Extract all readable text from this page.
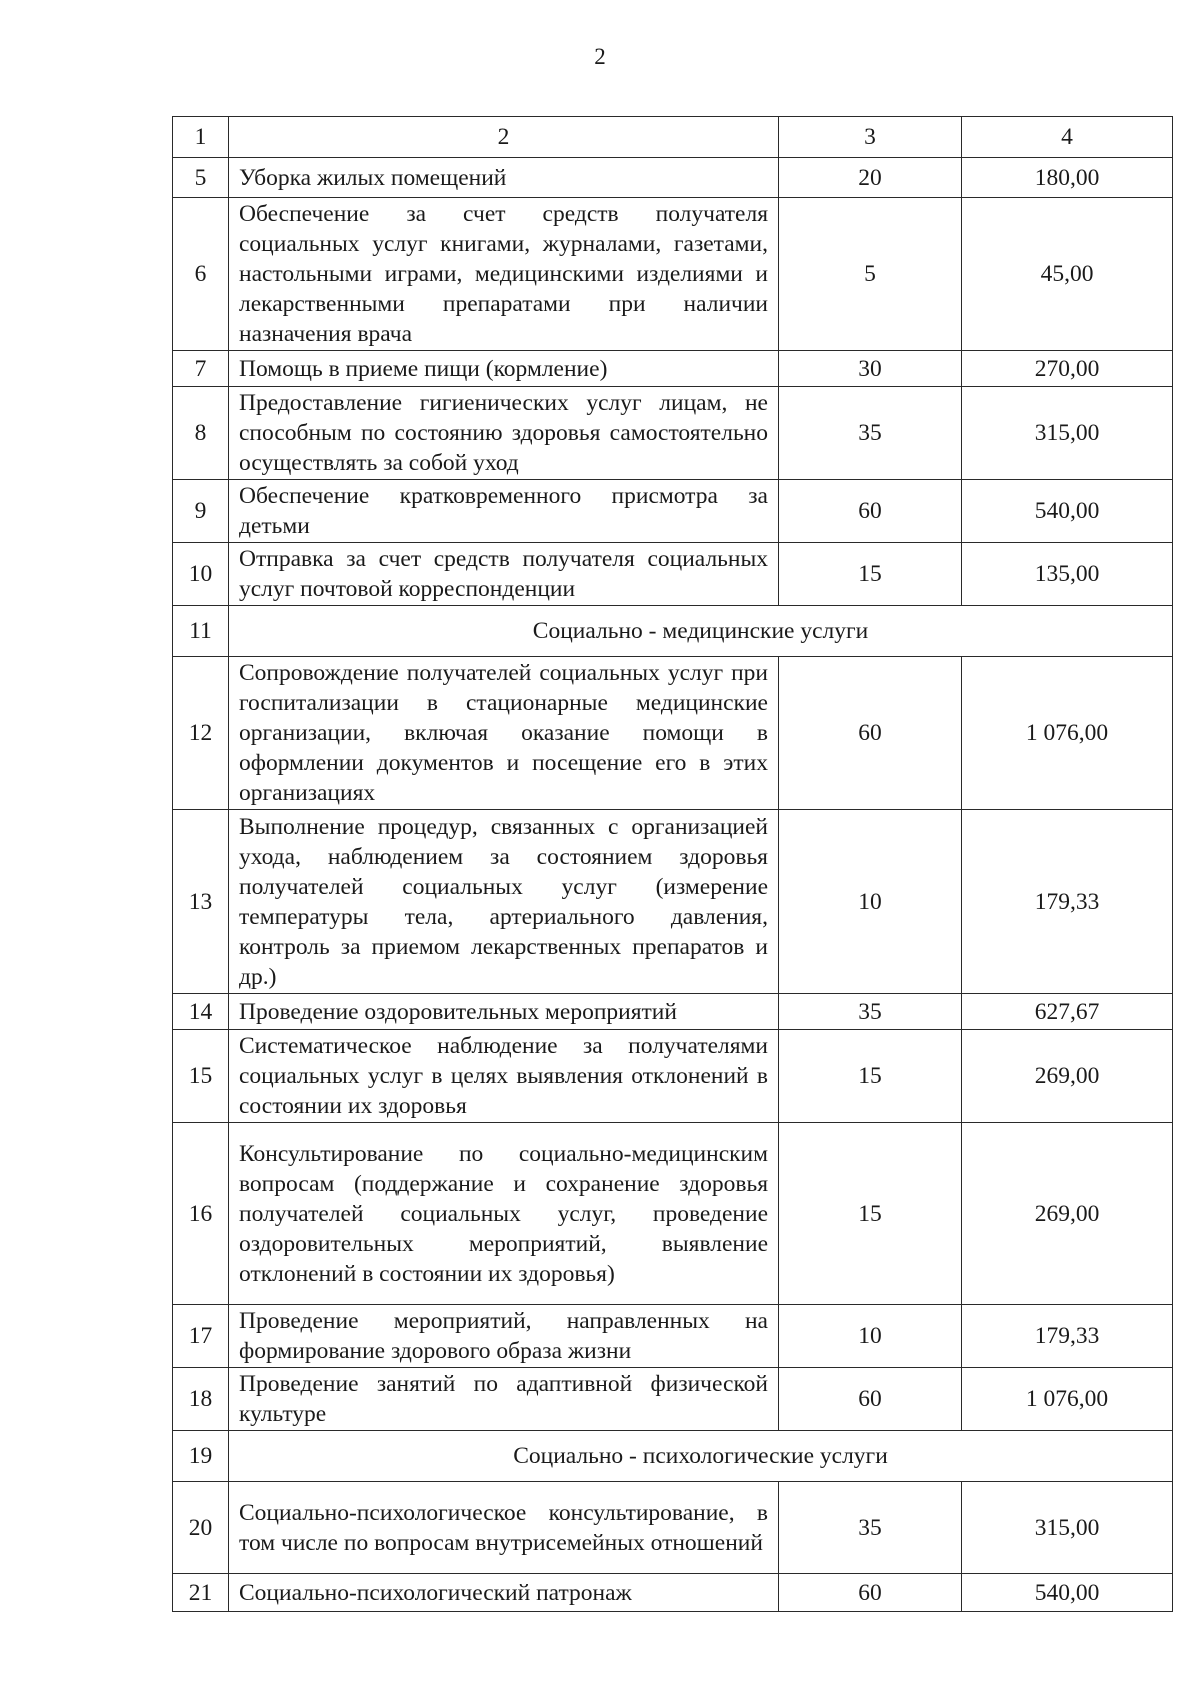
2
1	2	3	4
5	Уборка жилых помещений	20	180,00
6	Обеспечение за счет средств получателя социальных услуг книгами, журналами, газетами, настольными играми, медицинскими изделиями и лекарственными препаратами при наличии назначения врача	5	45,00
7	Помощь в приеме пищи (кормление)	30	270,00
8	Предоставление гигиенических услуг лицам, не способным по состоянию здоровья самостоятельно осуществлять за собой уход	35	315,00
9	Обеспечение кратковременного присмотра за детьми	60	540,00
10	Отправка за счет средств получателя социальных услуг почтовой корреспонденции	15	135,00
11	Социально - медицинские услуги		
12	Сопровождение получателей социальных услуг при госпитализации в стационарные медицинские организации, включая оказание помощи в оформлении документов и посещение его в этих организациях	60	1 076,00
13	Выполнение процедур, связанных с организацией ухода, наблюдением за состоянием здоровья получателей социальных услуг (измерение температуры тела, артериального давления, контроль за приемом лекарственных препаратов и др.)	10	179,33
14	Проведение оздоровительных мероприятий	35	627,67
15	Систематическое наблюдение за получателями социальных услуг в целях выявления отклонений в состоянии их здоровья	15	269,00
16	Консультирование по социально-медицинским вопросам (поддержание и сохранение здоровья получателей социальных услуг, проведение оздоровительных мероприятий, выявление отклонений в состоянии их здоровья)	15	269,00
17	Проведение мероприятий, направленных на формирование здорового образа жизни	10	179,33
18	Проведение занятий по адаптивной физической культуре	60	1 076,00
19	Социально - психологические услуги		
20	Социально-психологическое консультирование, в том числе по вопросам внутрисемейных отношений	35	315,00
21	Социально-психологический патронаж	60	540,00
